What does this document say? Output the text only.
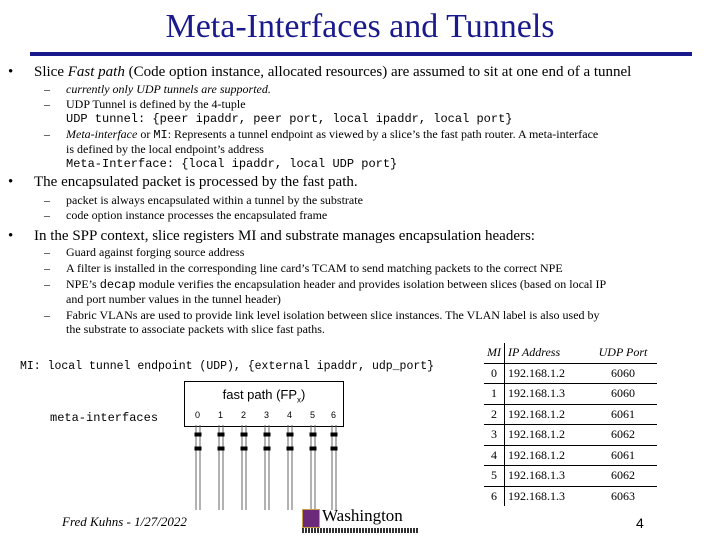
Meta-Interfaces and Tunnels
• Slice Fast path (Code option instance, allocated resources) are assumed to sit at one end of a tunnel
– currently only UDP tunnels are supported.
– UDP Tunnel is defined by the 4-tuple
UDP tunnel: {peer ipaddr, peer port, local ipaddr, local port}
– Meta-interface or MI: Represents a tunnel endpoint as viewed by a slice’s the fast path router. A meta-interface
is defined by the local endpoint’s address
Meta-Interface: {local ipaddr, local UDP port}
• The encapsulated packet is processed by the fast path.
– packet is always encapsulated within a tunnel by the substrate
– code option instance processes the encapsulated frame
• In the SPP context, slice registers MI and substrate manages encapsulation headers:
– Guard against forging source address
– A filter is installed in the corresponding line card’s TCAM to send matching packets to the correct NPE
– NPE’s decap module verifies the encapsulation header and provides isolation between slices (based on local IP
and port number values in the tunnel header)
– Fabric VLANs are used to provide link level isolation between slice instances. The VLAN label is also used by
the substrate to associate packets with slice fast paths.
MI: local tunnel endpoint (UDP), {external ipaddr, udp_port}
meta-interfaces
fast path $(FP_x)$
0 1 2 3 4 5 6
MI	IP Address	UDP Port
0	192.168.1.2	6060
1	192.168.1.3	6060
2	192.168.1.2	6061
3	192.168.1.2	6062
4	192.168.1.2	6061
5	192.168.1.3	6062
6	192.168.1.3	6063
Fred Kuhns - 1/27/2022	Washington	4
